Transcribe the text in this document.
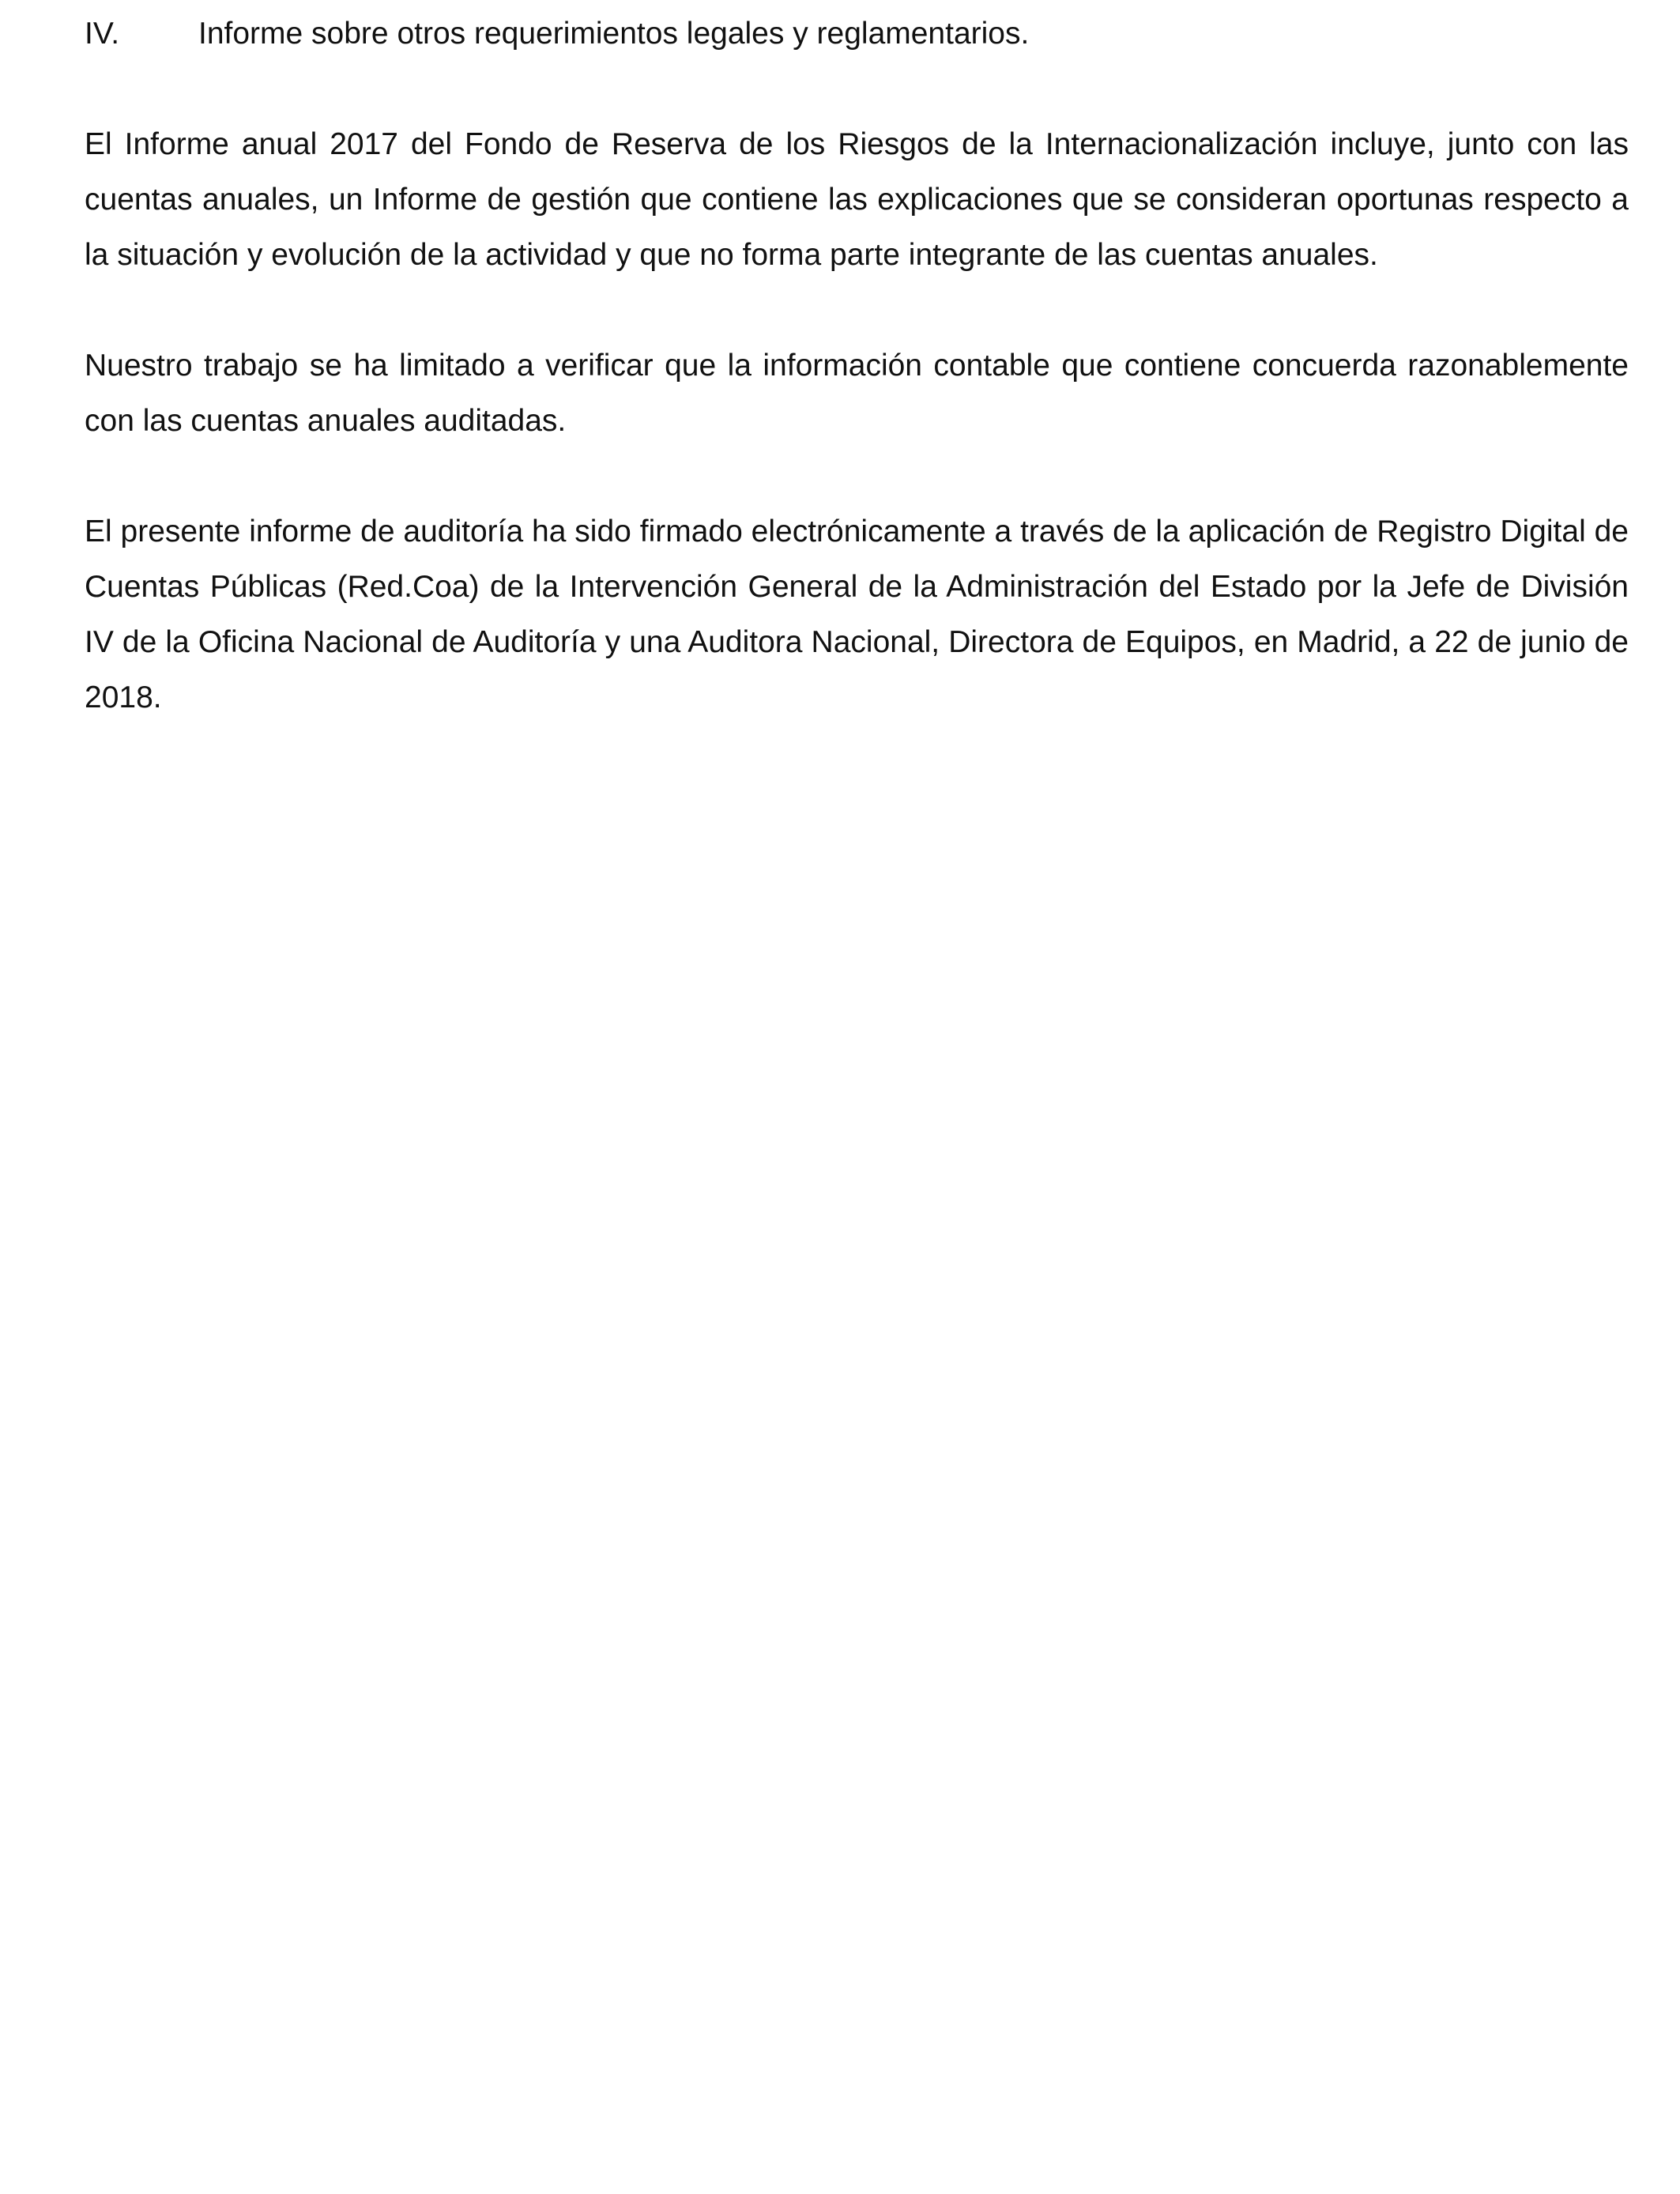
IV.	Informe sobre otros requerimientos legales y reglamentarios.

El Informe anual 2017 del Fondo de Reserva de los Riesgos de la Internacionalización incluye, junto con las cuentas anuales, un Informe de gestión que contiene las explicaciones que se consideran oportunas respecto a la situación y evolución de la actividad y que no forma parte integrante de las cuentas anuales.

Nuestro trabajo se ha limitado a verificar que la información contable que contiene concuerda razonablemente con las cuentas anuales auditadas.

El presente informe de auditoría ha sido firmado electrónicamente a través de la aplicación de Registro Digital de Cuentas Públicas (Red.Coa) de la Intervención General de la Administración del Estado por la Jefe de División IV de la Oficina Nacional de Auditoría y una Auditora Nacional, Directora de Equipos, en Madrid, a 22 de junio de 2018.
